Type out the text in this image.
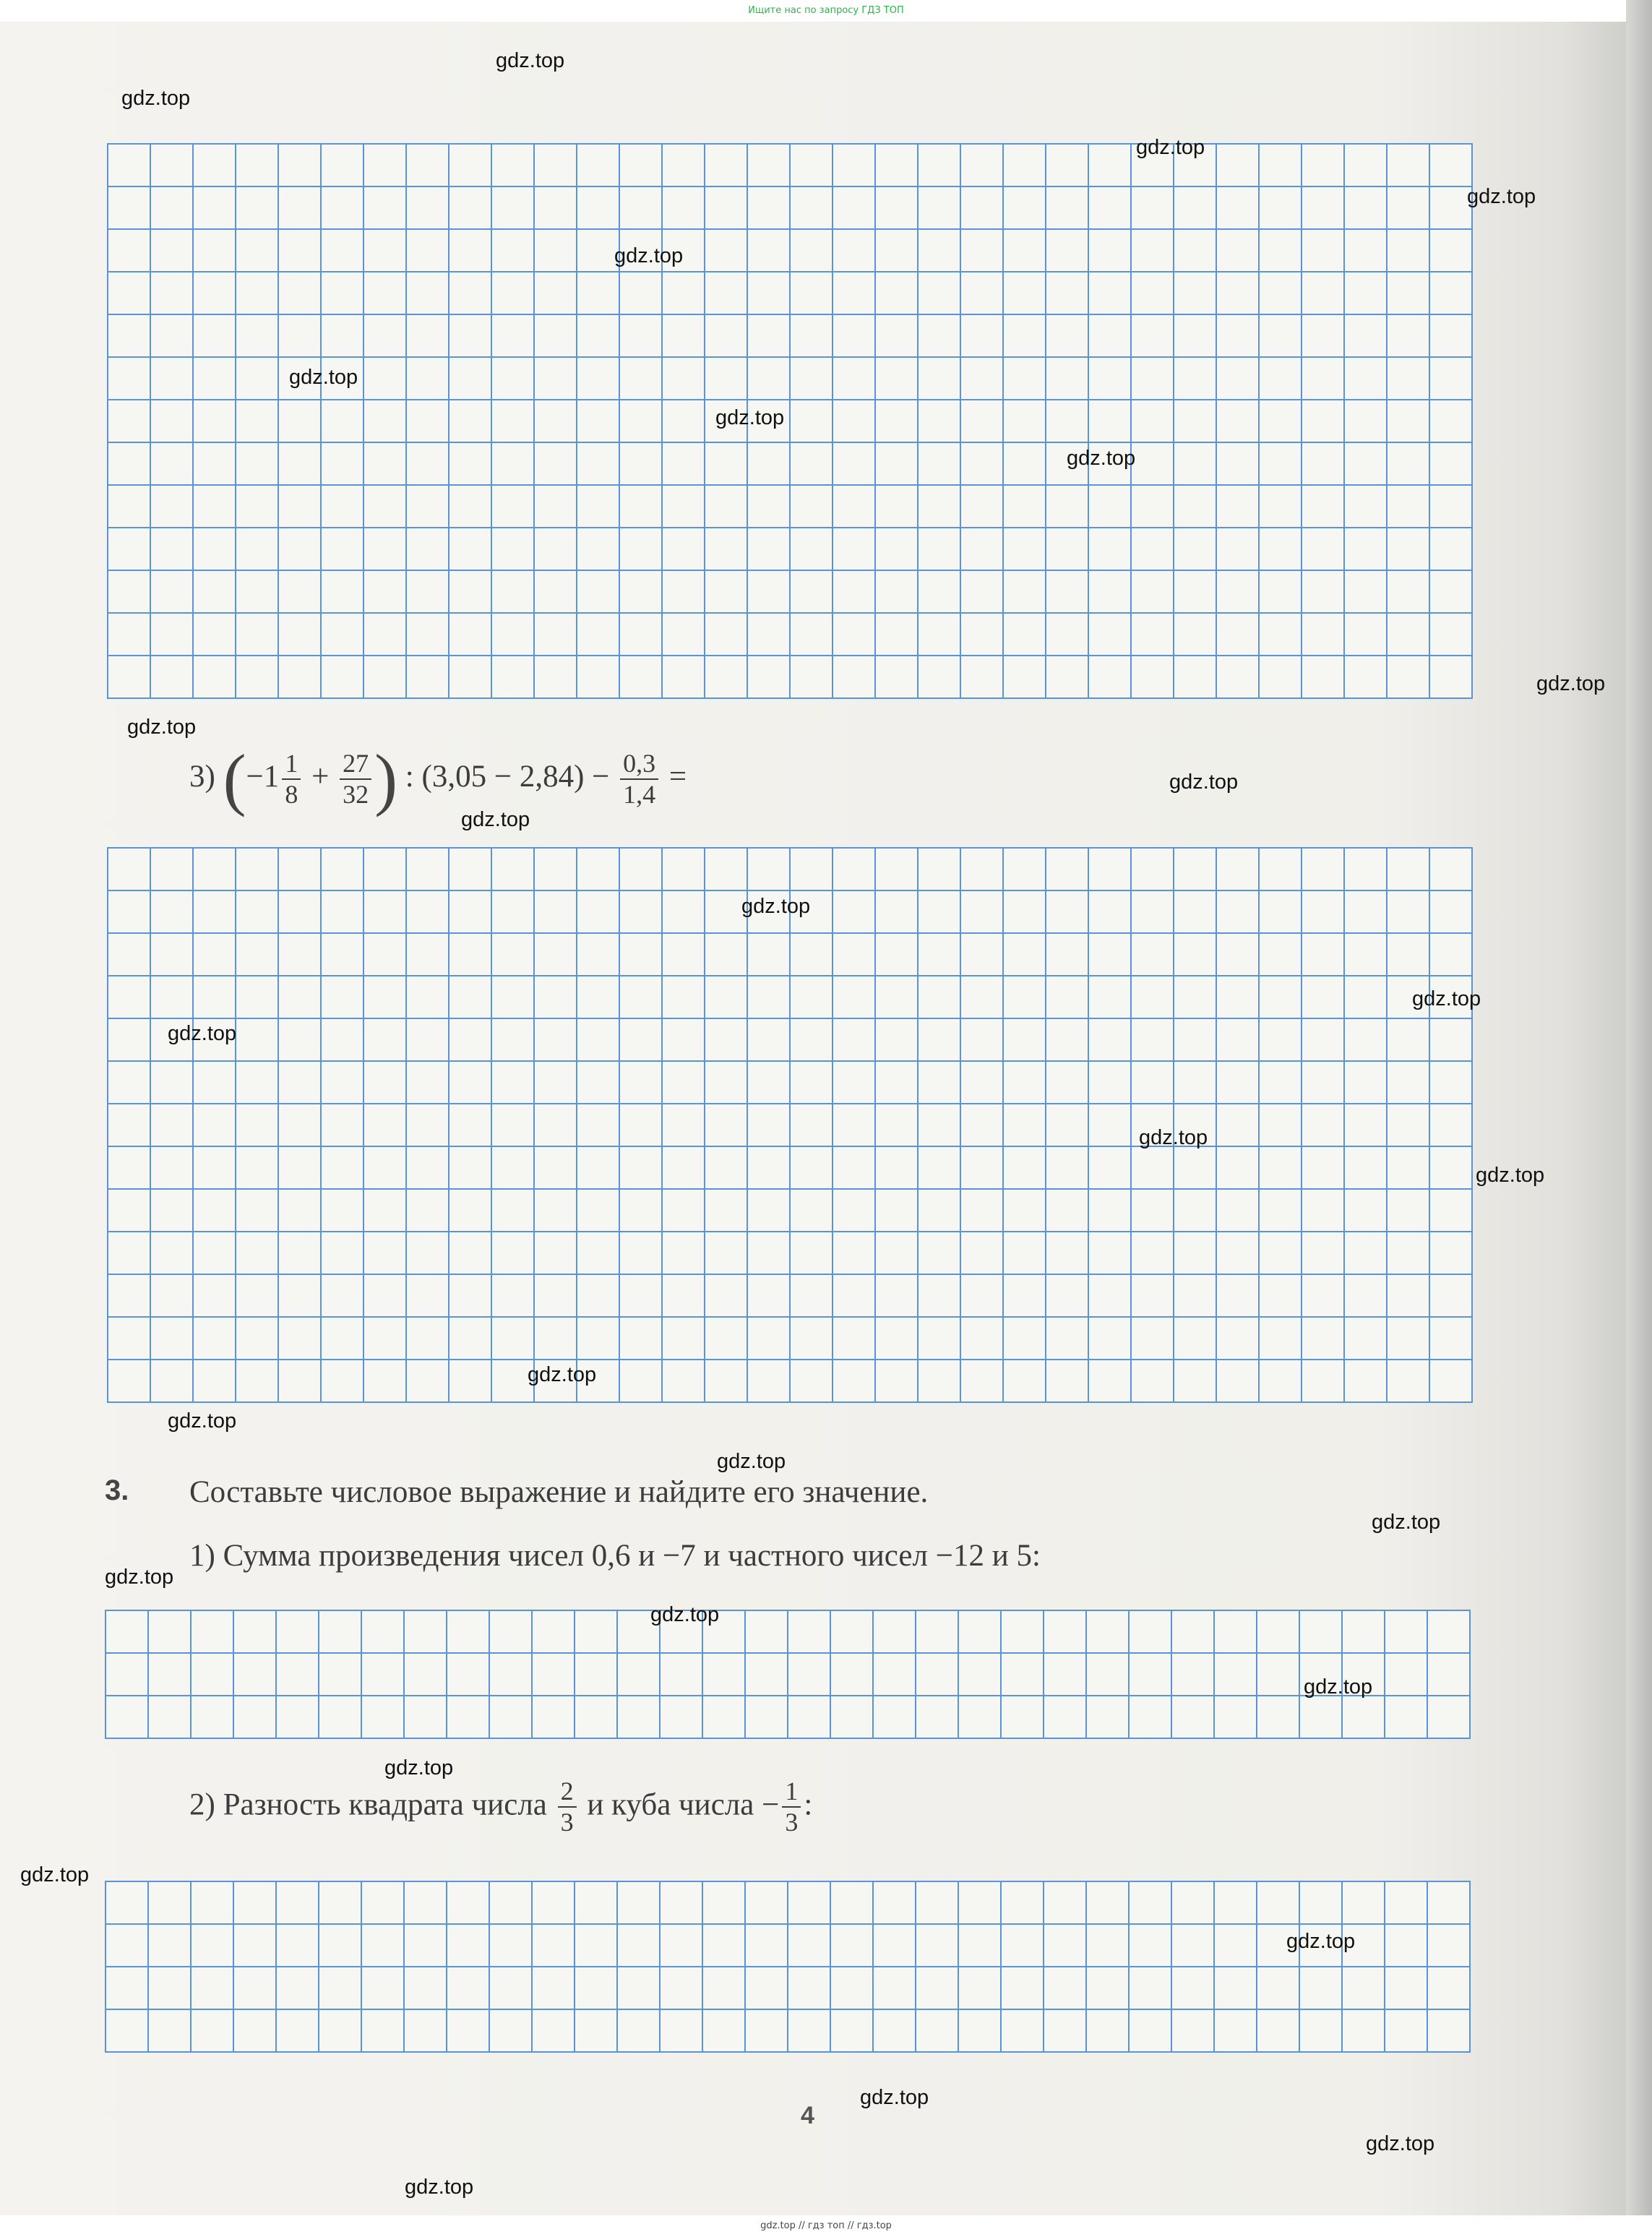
Ищите нас по запросу ГДЗ ТОП
3) ($-1 \frac{1}{8} + \frac{27}{32}$ ) : $(3,05 - 2,84) - \frac{0,3}{1,4}$ =
3. Составьте числовое выражение и найдите его значение.
1) Сумма произведения чисел 0,6 и −7 и частного чисел −12 и 5:
2) Разность квадрата числа $\frac{2}{3}$ и куба числа − $\frac{1}{3}$ :
4
gdz.top
gdz.top
gdz.top
gdz.top
gdz.top
gdz.top
gdz.top
gdz.top
gdz.top
gdz.top
gdz.top
gdz.top
gdz.top
gdz.top
gdz.top
gdz.top
gdz.top
gdz.top
gdz.top
gdz.top
gdz.top
gdz.top
gdz.top
gdz.top
gdz.top
gdz.top
gdz.top
gdz.top
gdz.top
gdz.top
gdz.top // гдз топ // гдз.top
